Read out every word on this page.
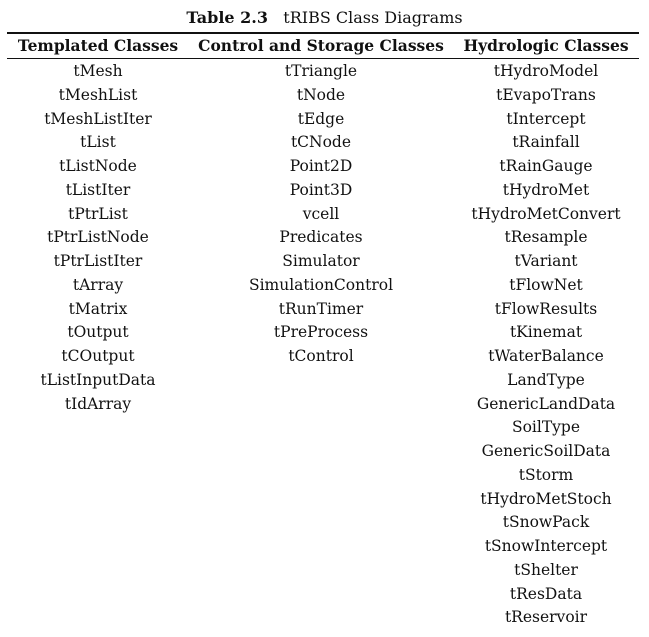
Table 2.3 tRIBS Class Diagrams
Templated Classes
tMesh
tMeshList
tMeshListIter
tList
tListNode
tListIter
tPtrList
tPtrListNode
tPtrListIter
tArray
tMatrix
tOutput
tCOutput
tListInputData
tIdArray
Control and Storage Classes
tTriangle
tNode
tEdge
tCNode
Point2D
Point3D
vcell
Predicates
Simulator
SimulationControl
tRunTimer
tPreProcess
tControl
Hydrologic Classes
tHydroModel
tEvapoTrans
tIntercept
tRainfall
tRainGauge
tHydroMet
tHydroMetConvert
tResample
tVariant
tFlowNet
tFlowResults
tKinemat
tWaterBalance
LandType
GenericLandData
SoilType
GenericSoilData
tStorm
tHydroMetStoch
tSnowPack
tSnowIntercept
tShelter
tResData
tReservoir
